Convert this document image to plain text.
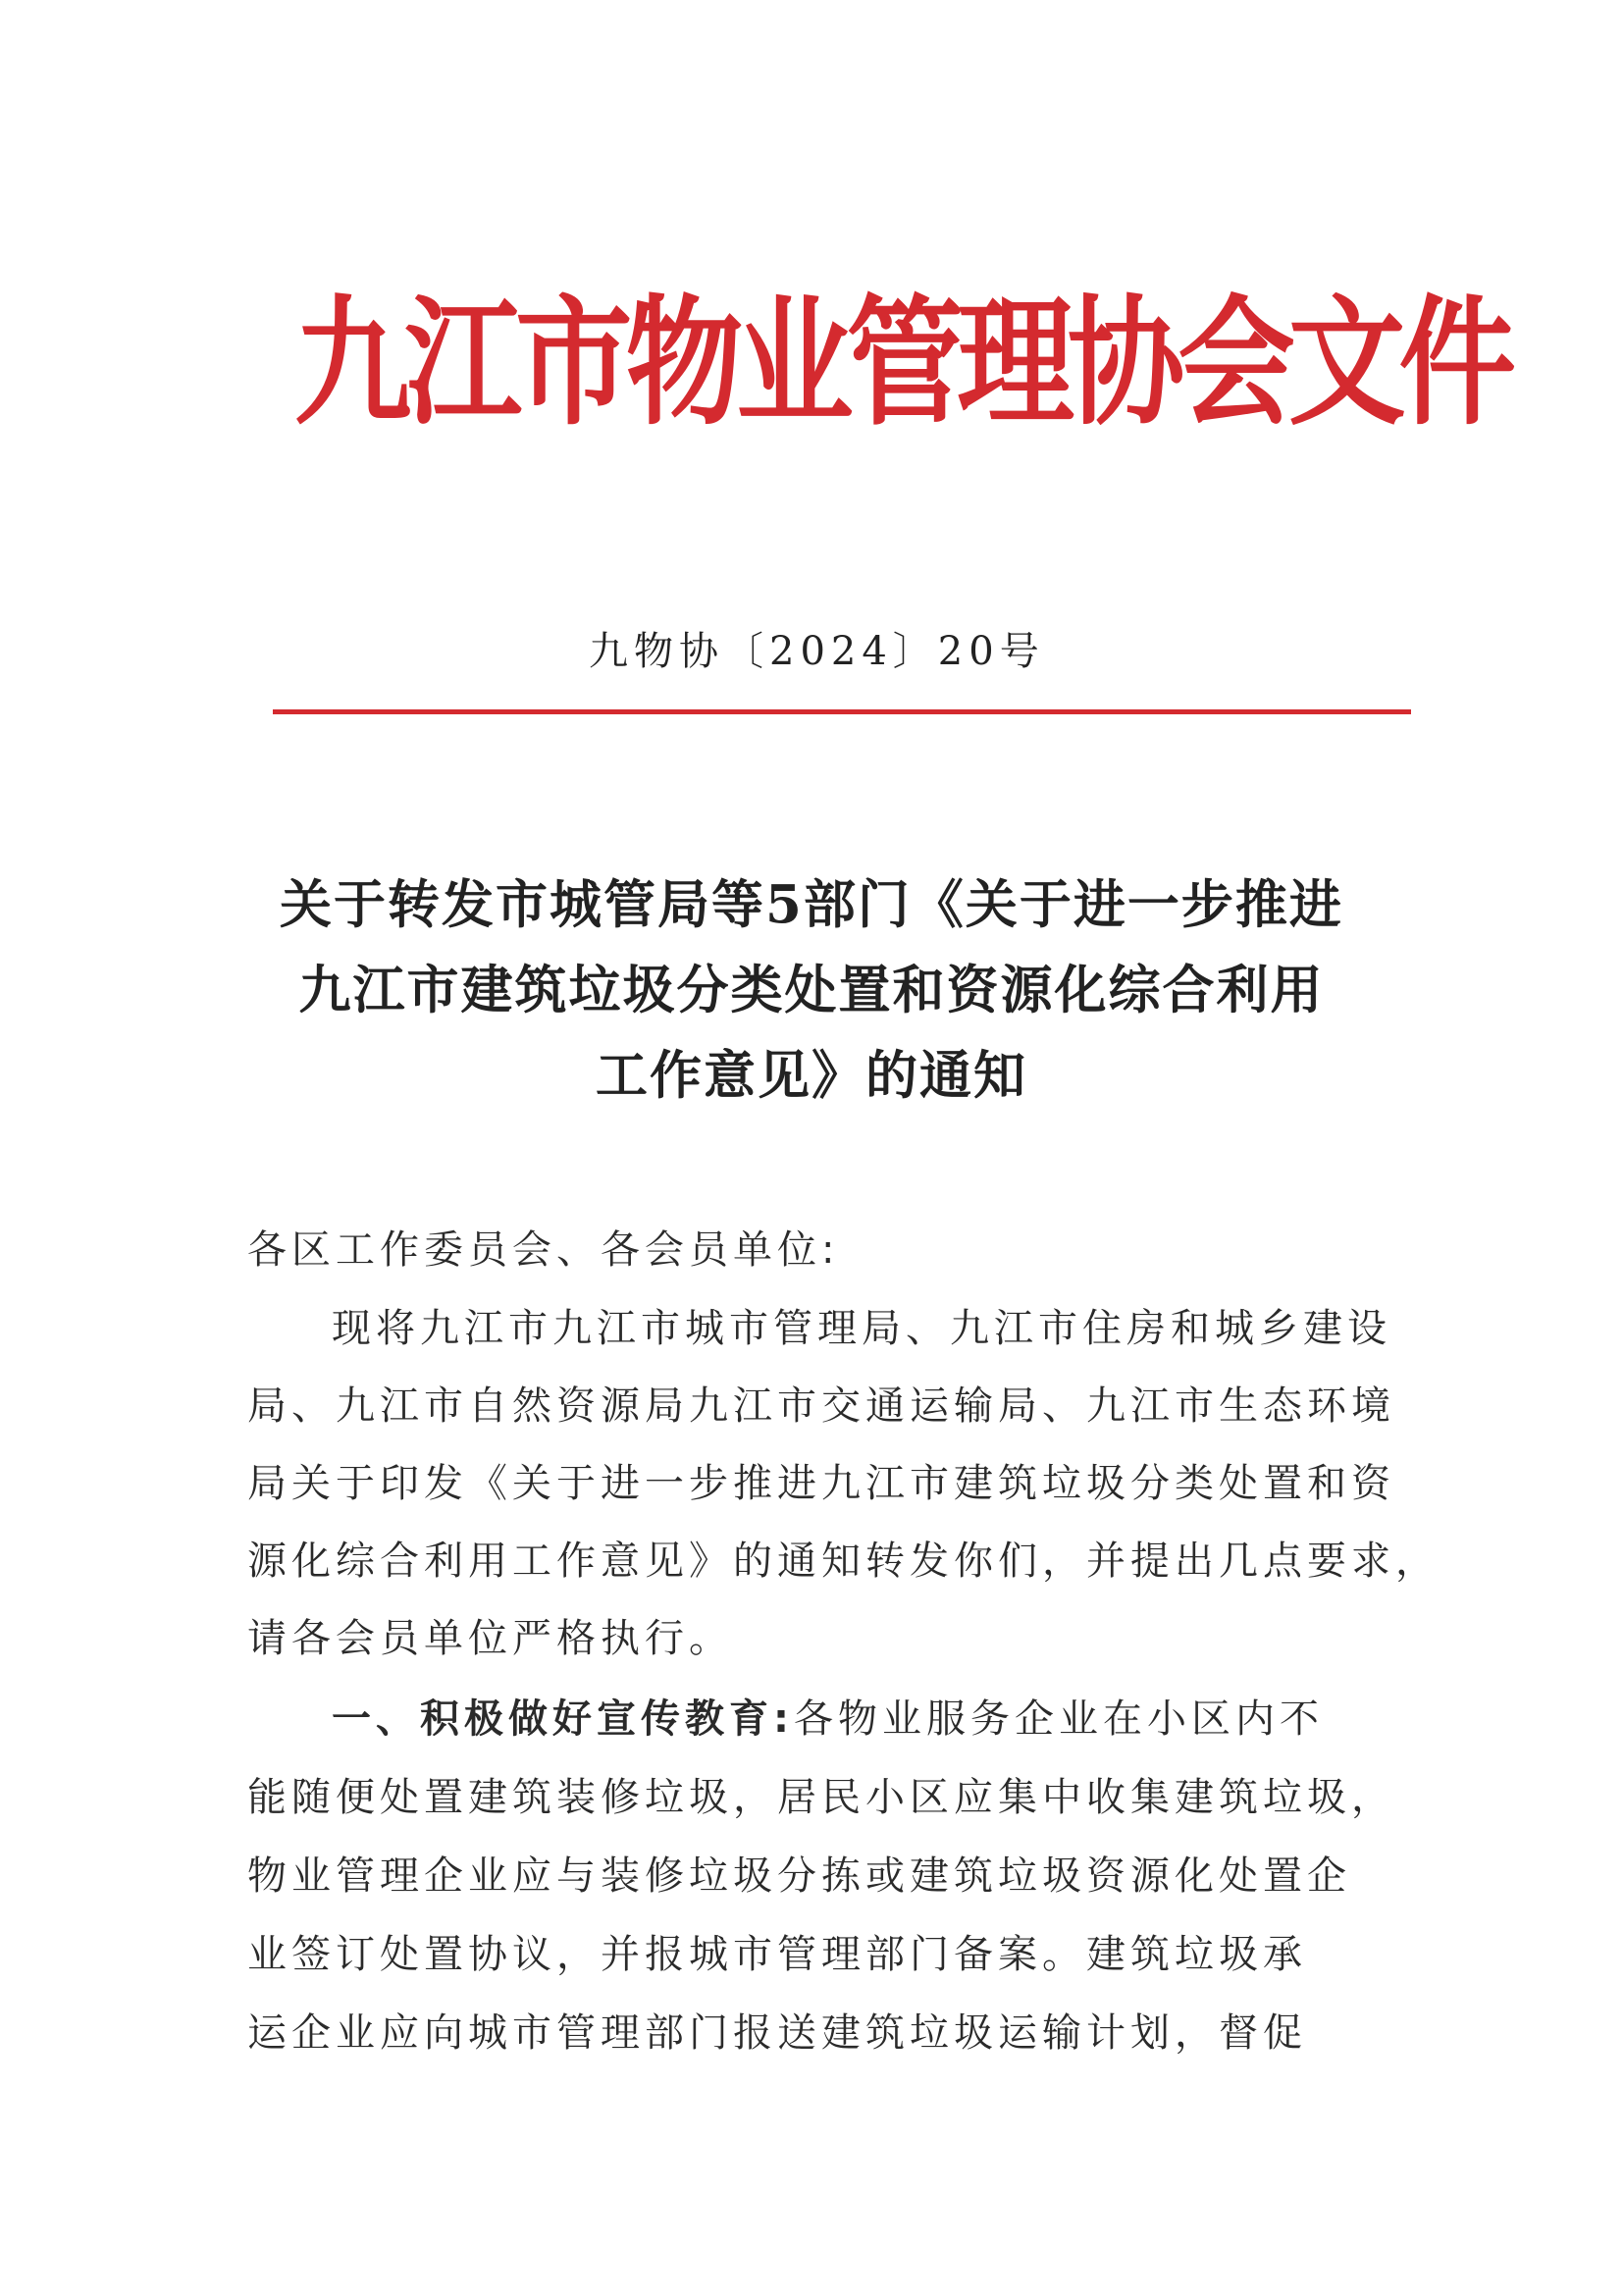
九江市物业管理协会文件
九物协〔2024〕20号
关于转发市城管局等5部门《关于进一步推进
九江市建筑垃圾分类处置和资源化综合利用
工作意见》的通知
各区工作委员会、各会员单位:
现将九江市九江市城市管理局、九江市住房和城乡建设
局、九江市自然资源局九江市交通运输局、九江市生态环境
局关于印发《关于进一步推进九江市建筑垃圾分类处置和资
源化综合利用工作意见》的通知转发你们，并提出几点要求，
请各会员单位严格执行。
一、积极做好宣传教育:各物业服务企业在小区内不
能随便处置建筑装修垃圾，居民小区应集中收集建筑垃圾，
物业管理企业应与装修垃圾分拣或建筑垃圾资源化处置企
业签订处置协议，并报城市管理部门备案。建筑垃圾承
运企业应向城市管理部门报送建筑垃圾运输计划，督促
